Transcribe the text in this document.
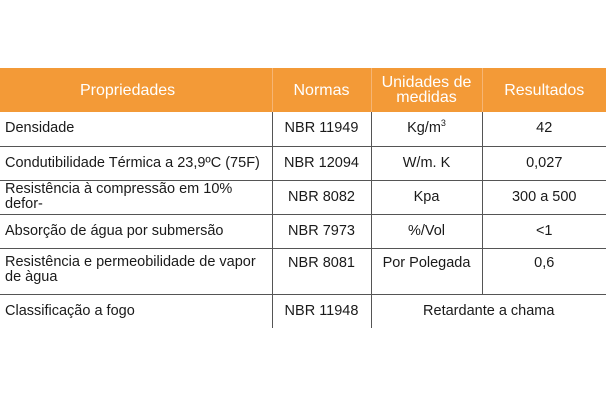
Propriedades	Normas	Unidades de medidas	Resultados
Densidade	NBR 11949	$Kg/m^3$	42
Condutibilidade Térmica a 23,9ºC (75F)	NBR 12094	W/m. K	0,027
Resistência à compressão em 10% defor-	NBR 8082	Kpa	300 a 500
Absorção de água por submersão	NBR 7973	%/Vol	<1
Resistência e permeobilidade de vapor de àgua	NBR 8081	Por Polegada	0,6
Classificação a fogo	NBR 11948	Retardante a chama	
